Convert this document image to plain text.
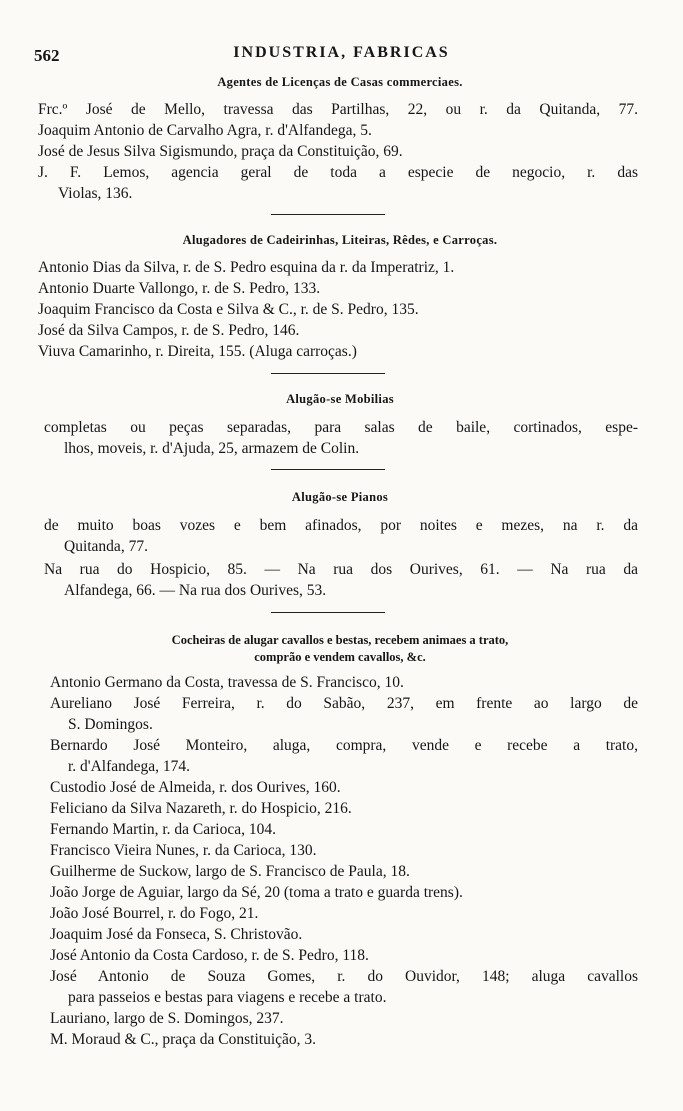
562	INDUSTRIA, FABRICAS
Agentes de Licenças de Casas commerciaes.
Frc.º José de Mello, travessa das Partilhas, 22, ou r. da Quitanda, 77.
Joaquim Antonio de Carvalho Agra, r. d'Alfandega, 5.
José de Jesus Silva Sigismundo, praça da Constituição, 69.
J. F. Lemos, agencia geral de toda a especie de negocio, r. das
Violas, 136.
Alugadores de Cadeirinhas, Liteiras, Rêdes, e Carroças.
Antonio Dias da Silva, r. de S. Pedro esquina da r. da Imperatriz, 1.
Antonio Duarte Vallongo, r. de S. Pedro, 133.
Joaquim Francisco da Costa e Silva & C., r. de S. Pedro, 135.
José da Silva Campos, r. de S. Pedro, 146.
Viuva Camarinho, r. Direita, 155. (Aluga carroças.)
Alugão-se Mobilias
completas ou peças separadas, para salas de baile, cortinados, espe-
lhos, moveis, r. d'Ajuda, 25, armazem de Colin.
Alugão-se Pianos
de muito boas vozes e bem afinados, por noites e mezes, na r. da
Quitanda, 77.
Na rua do Hospicio, 85. — Na rua dos Ourives, 61. — Na rua da
Alfandega, 66. — Na rua dos Ourives, 53.
Cocheiras de alugar cavallos e bestas, recebem animaes a trato,
comprão e vendem cavallos, &c.
Antonio Germano da Costa, travessa de S. Francisco, 10.
Aureliano José Ferreira, r. do Sabão, 237, em frente ao largo de
S. Domingos.
Bernardo José Monteiro, aluga, compra, vende e recebe a trato,
r. d'Alfandega, 174.
Custodio José de Almeida, r. dos Ourives, 160.
Feliciano da Silva Nazareth, r. do Hospicio, 216.
Fernando Martin, r. da Carioca, 104.
Francisco Vieira Nunes, r. da Carioca, 130.
Guilherme de Suckow, largo de S. Francisco de Paula, 18.
João Jorge de Aguiar, largo da Sé, 20 (toma a trato e guarda trens).
João José Bourrel, r. do Fogo, 21.
Joaquim José da Fonseca, S. Christovão.
José Antonio da Costa Cardoso, r. de S. Pedro, 118.
José Antonio de Souza Gomes, r. do Ouvidor, 148; aluga cavallos
para passeios e bestas para viagens e recebe a trato.
Lauriano, largo de S. Domingos, 237.
M. Moraud & C., praça da Constituição, 3.
